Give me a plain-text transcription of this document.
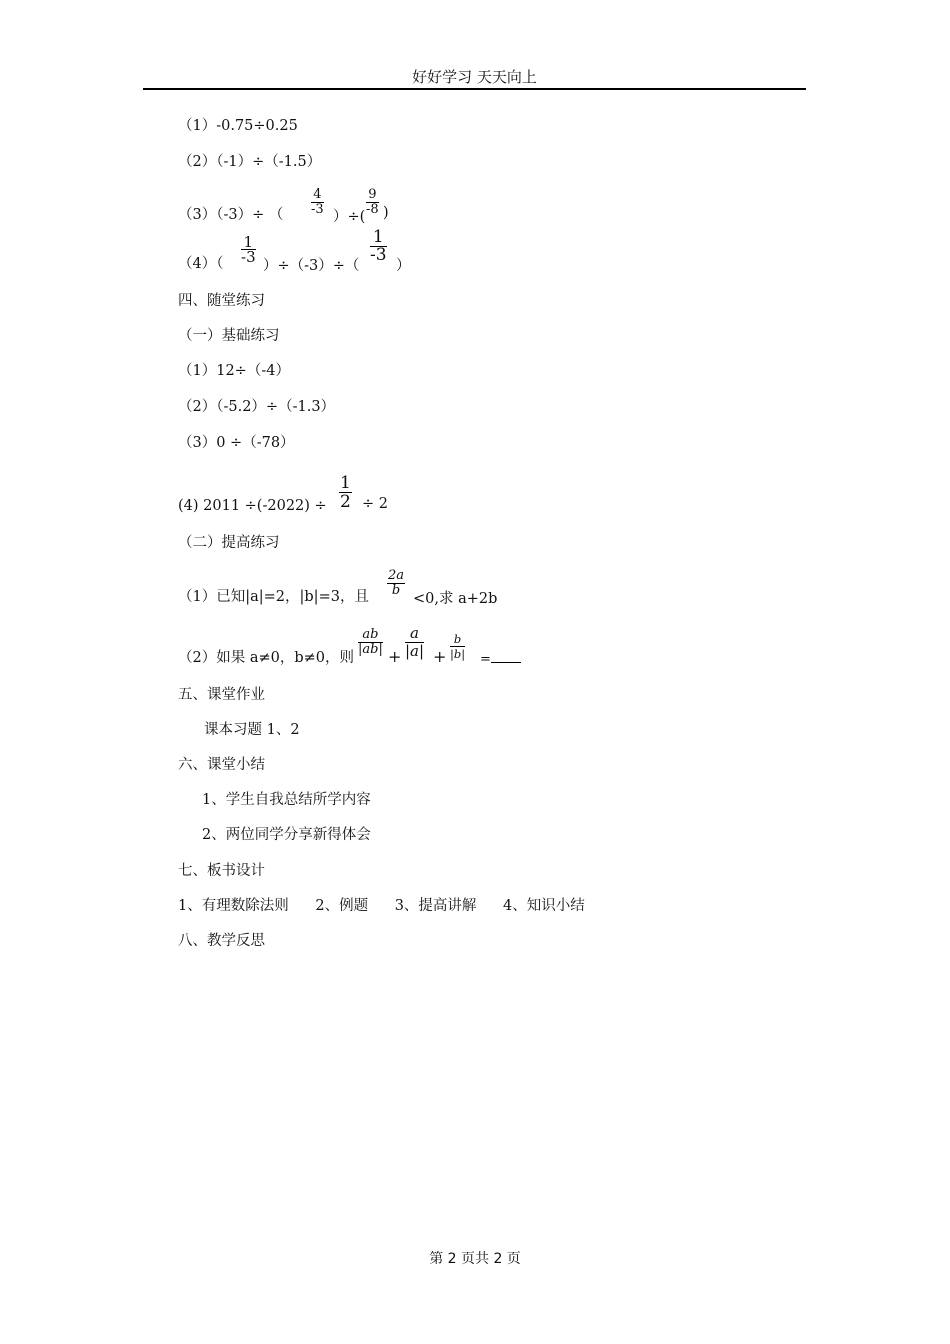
好好学习 天天向上
（1）-0.75÷0.25
（2）（-1）÷（-1.5）
（3）（-3）÷ （ $\frac{4}{-3}$ ）÷( $\frac{9}{-8}$ )
$(4)( \frac{1}{-3}$
）÷（-3）÷（
$\frac{1}{-3}$
）
四、随堂练习
（一）基础练习
（1）12÷（-4）
（2）（-5.2）÷（-1.3）
（3）0 ÷（-78）
(4) $2011 \div(-2022) \div \frac{1}{2} \div 2$
（二）提高练习
（1）已知|a|=2，|b|=3，且 $\frac{2a}{b}$
<0,求 a+2b
（2）如果 a≠0，b≠0，则
$\frac{ab}{|ab|} + \frac{a}{|a|} + \frac{b}{|b|}$ =
五、课堂作业
课本习题 1、2
六、课堂小结
1、学生自我总结所学内容
2、两位同学分享新得体会
七、板书设计
1、有理数除法则 2、例题 3、提高讲解 4、知识小结
八、教学反思
第 2 页共 2 页
